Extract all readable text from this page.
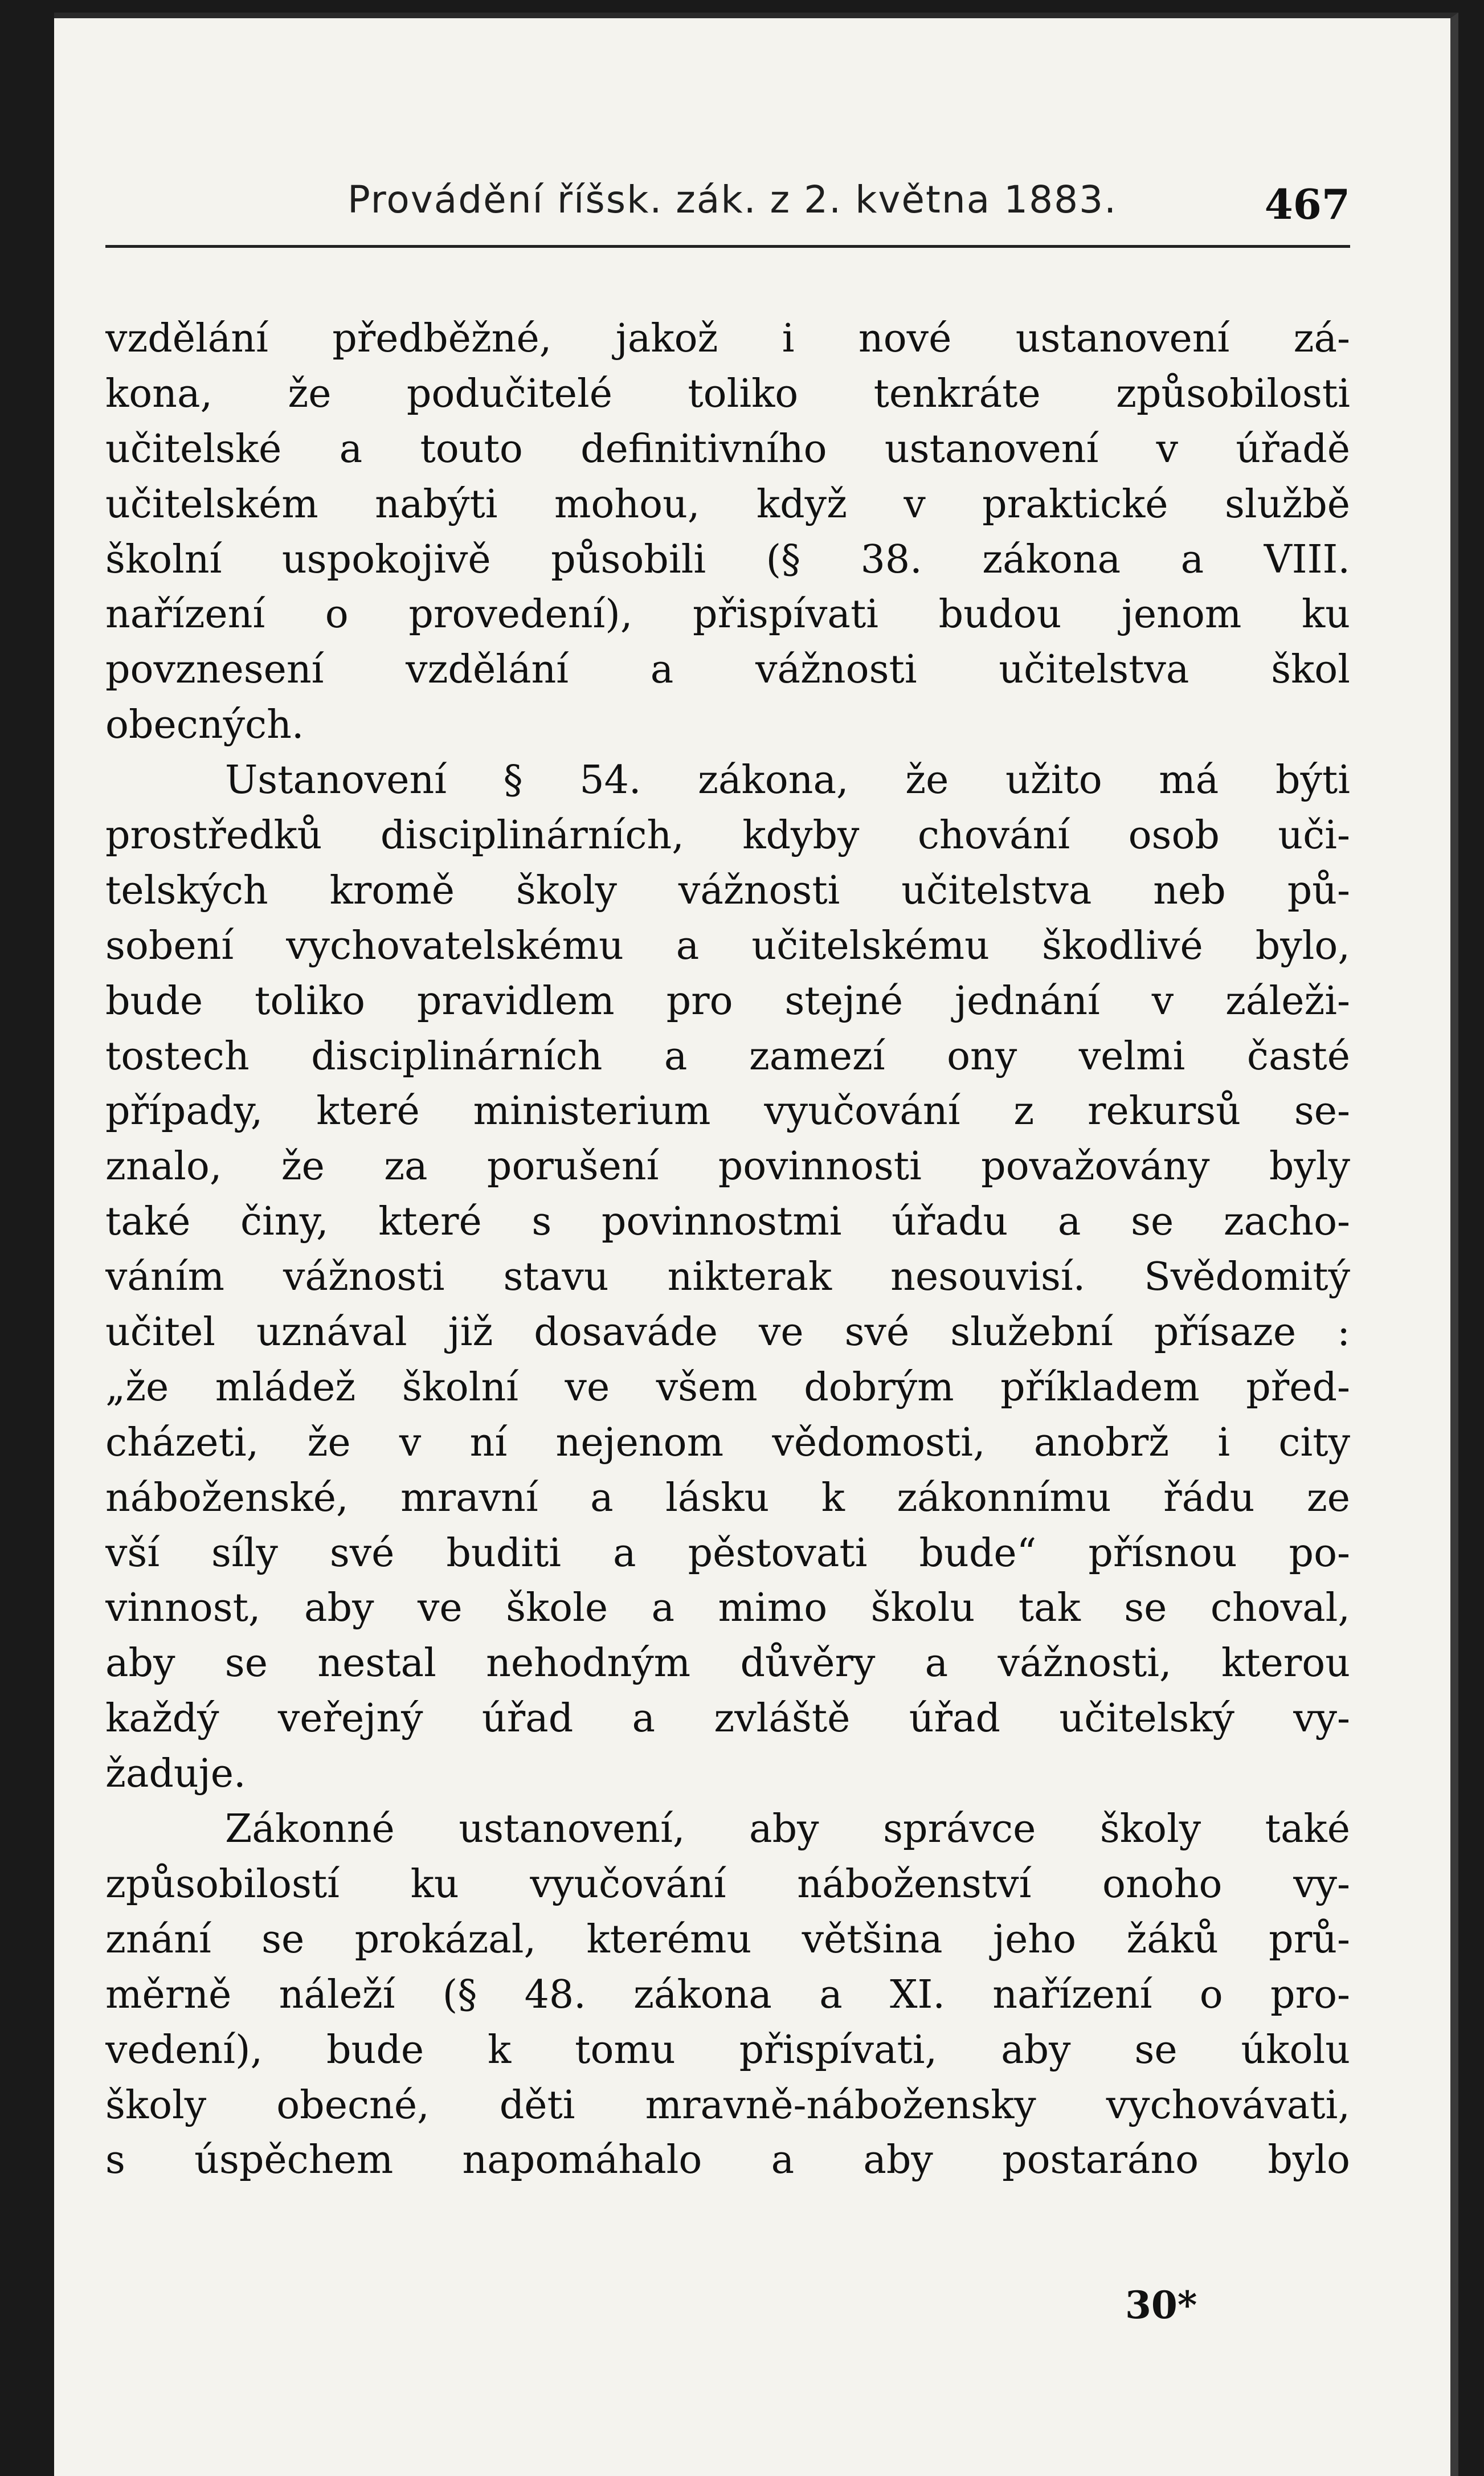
Provádění říšsk. zák. z 2. května 1883.	467
vzdělání předběžné, jakož i nové ustanovení zá-
kona, že podučitelé toliko tenkráte způsobilosti
učitelské a touto definitivního ustanovení v úřadě
učitelském nabýti mohou, když v praktické službě
školní uspokojivě působili (§ 38. zákona a VIII.
nařízení o provedení), přispívati budou jenom ku
povznesení vzdělání a vážnosti učitelstva škol
obecných.
Ustanovení § 54. zákona, že užito má býti
prostředků disciplinárních, kdyby chování osob uči-
telských kromě školy vážnosti učitelstva neb pů-
sobení vychovatelskému a učitelskému škodlivé bylo,
bude toliko pravidlem pro stejné jednání v záleži-
tostech disciplinárních a zamezí ony velmi časté
případy, které ministerium vyučování z rekursů se-
znalo, že za porušení povinnosti považovány byly
také činy, které s povinnostmi úřadu a se zacho-
váním vážnosti stavu nikterak nesouvisí. Svědomitý
učitel uznával již dosaváde ve své služební přísaze :
„že mládež školní ve všem dobrým příkladem před-
cházeti, že v ní nejenom vědomosti, anobrž i city
náboženské, mravní a lásku k zákonnímu řádu ze
vší síly své buditi a pěstovati bude“ přísnou po-
vinnost, aby ve škole a mimo školu tak se choval,
aby se nestal nehodným důvěry a vážnosti, kterou
každý veřejný úřad a zvláště úřad učitelský vy-
žaduje.
Zákonné ustanovení, aby správce školy také
způsobilostí ku vyučování náboženství onoho vy-
znání se prokázal, kterému většina jeho žáků prů-
měrně náleží (§ 48. zákona a XI. nařízení o pro-
vedení), bude k tomu přispívati, aby se úkolu
školy obecné, děti mravně-nábožensky vychovávati,
s úspěchem napomáhalo a aby postaráno bylo
30*
